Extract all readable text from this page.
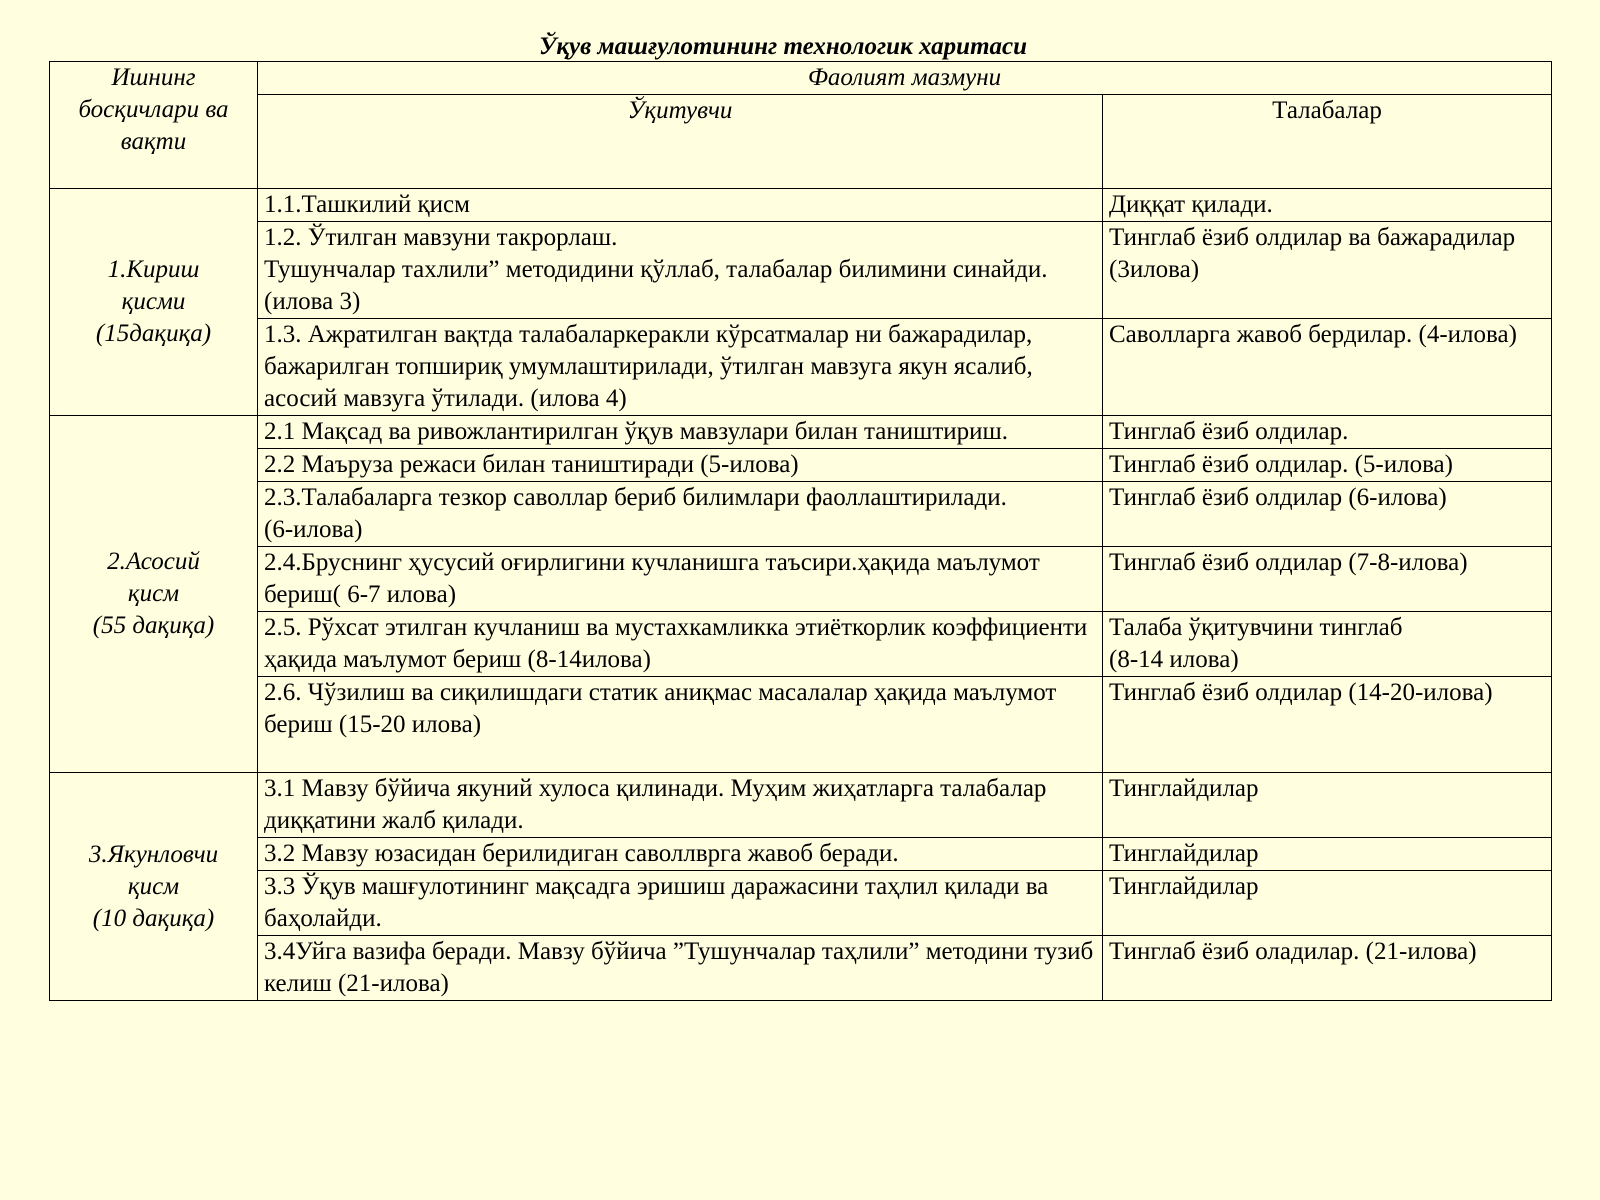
Ўқув машғулотининг технологик харитаси
Ишнинг
босқичлари ва
вақти	Фаолият мазмуни	
	Ўқитувчи	Талабалар
1.Кириш
қисми
(15дақиқа)	1.1.Ташкилий қисм	Диққат қилади.
	1.2. Ўтилган мавзуни такрорлаш.
Тушунчалар тахлили” методидини қўллаб, талабалар билимини синайди. (илова 3)	Тинглаб ёзиб олдилар ва бажарадилар (3илова)
	1.3. Ажратилган вақтда талабаларкеракли кўрсатмалар ни бажарадилар, бажарилган топшириқ умумлаштирилади, ўтилган мавзуга якун ясалиб, асосий мавзуга ўтилади. (илова 4)	Саволларга жавоб бердилар. (4-илова)
2.Асосий
қисм
(55 дақиқа)	2.1 Мақсад ва ривожлантирилган ўқув мавзулари билан таништириш.	Тинглаб ёзиб олдилар.
	2.2 Маъруза режаси билан таништиради (5-илова)	Тинглаб ёзиб олдилар. (5-илова)
	2.3.Талабаларга тезкор саволлар бериб билимлари фаоллаштирилади.
(6-илова)	Тинглаб ёзиб олдилар (6-илова)
	2.4.Бруснинг ҳусусий оғирлигини кучланишга таъсири.ҳақида маълумот бериш( 6-7 илова)	Тинглаб ёзиб олдилар (7-8-илова)
	2.5. Рўхсат этилган кучланиш ва мустахкамликка этиёткорлик коэффициенти ҳақида маълумот бериш (8-14илова)	Талаба ўқитувчини тинглаб
(8-14 илова)
	2.6. Чўзилиш ва сиқилишдаги статик аниқмас масалалар ҳақида маълумот бериш (15-20 илова)	Тинглаб ёзиб олдилар (14-20-илова)
3.Якунловчи
қисм
(10 дақиқа)	3.1 Мавзу бўйича якуний хулоса қилинади. Муҳим жиҳатларга талабалар диққатини жалб қилади.	Тинглайдилар
	3.2 Мавзу юзасидан берилидиган саволлврга жавоб беради.	Тинглайдилар
	3.3 Ўқув машғулотининг мақсадга эришиш даражасини таҳлил қилади ва баҳолайди.	Тинглайдилар
	3.4Уйга вазифа беради. Мавзу бўйича ”Тушунчалар таҳлили” методини тузиб келиш (21-илова)	Тинглаб ёзиб оладилар. (21-илова)
